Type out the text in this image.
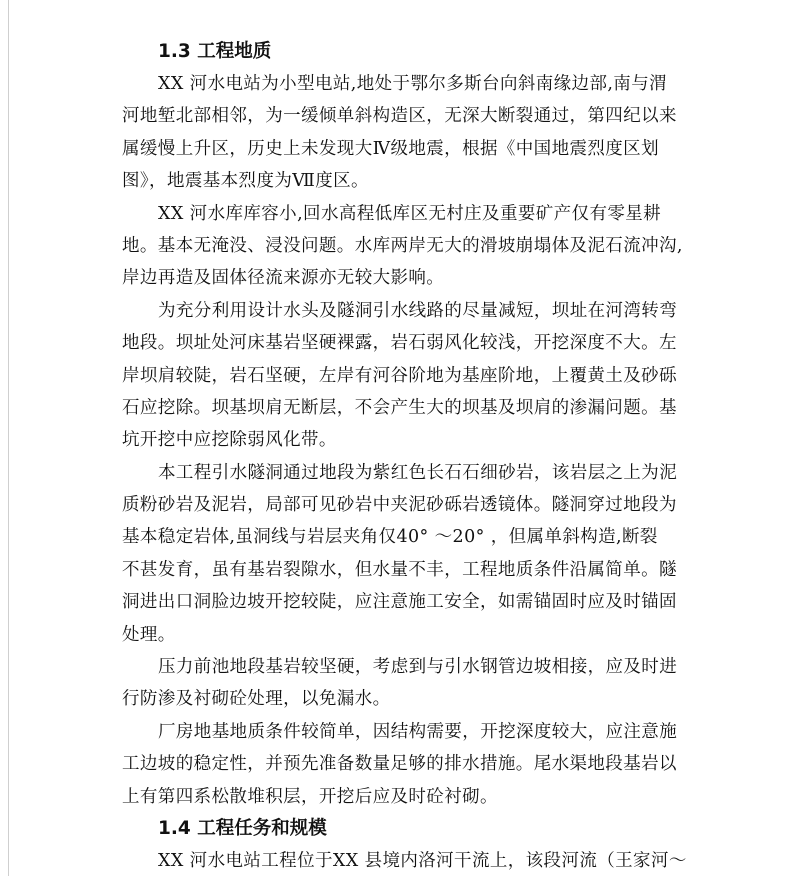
1.3 工程地质

XX 河水电站为小型电站,地处于鄂尔多斯台向斜南缘边部,南与渭
河地堑北部相邻，为一缓倾单斜构造区，无深大断裂通过，第四纪以来
属缓慢上升区，历史上未发现大Ⅳ级地震，根据《中国地震烈度区划
图》，地震基本烈度为Ⅶ度区。

XX 河水库库容小,回水高程低库区无村庄及重要矿产仅有零星耕
地。基本无淹没、浸没问题。水库两岸无大的滑坡崩塌体及泥石流冲沟,
岸边再造及固体径流来源亦无较大影响。

为充分利用设计水头及隧洞引水线路的尽量减短，坝址在河湾转弯
地段。坝址处河床基岩坚硬裸露，岩石弱风化较浅，开挖深度不大。左
岸坝肩较陡，岩石坚硬，左岸有河谷阶地为基座阶地，上覆黄土及砂砾
石应挖除。坝基坝肩无断层，不会产生大的坝基及坝肩的渗漏问题。基
坑开挖中应挖除弱风化带。

本工程引水隧洞通过地段为紫红色长石石细砂岩，该岩层之上为泥
质粉砂岩及泥岩，局部可见砂岩中夹泥砂砾岩透镜体。隧洞穿过地段为
基本稳定岩体,虽洞线与岩层夹角仅40° ～20° ，但属单斜构造,断裂
不甚发育，虽有基岩裂隙水，但水量不丰，工程地质条件沿属简单。隧
洞进出口洞脸边坡开挖较陡，应注意施工安全，如需锚固时应及时锚固
处理。

压力前池地段基岩较坚硬，考虑到与引水钢管边坡相接，应及时进
行防渗及衬砌砼处理，以免漏水。

厂房地基地质条件较简单，因结构需要，开挖深度较大，应注意施
工边坡的稳定性，并预先准备数量足够的排水措施。尾水渠地段基岩以
上有第四系松散堆积层，开挖后应及时砼衬砌。

1.4 工程任务和规模

XX 河水电站工程位于XX 县境内洛河干流上，该段河流（王家河～
